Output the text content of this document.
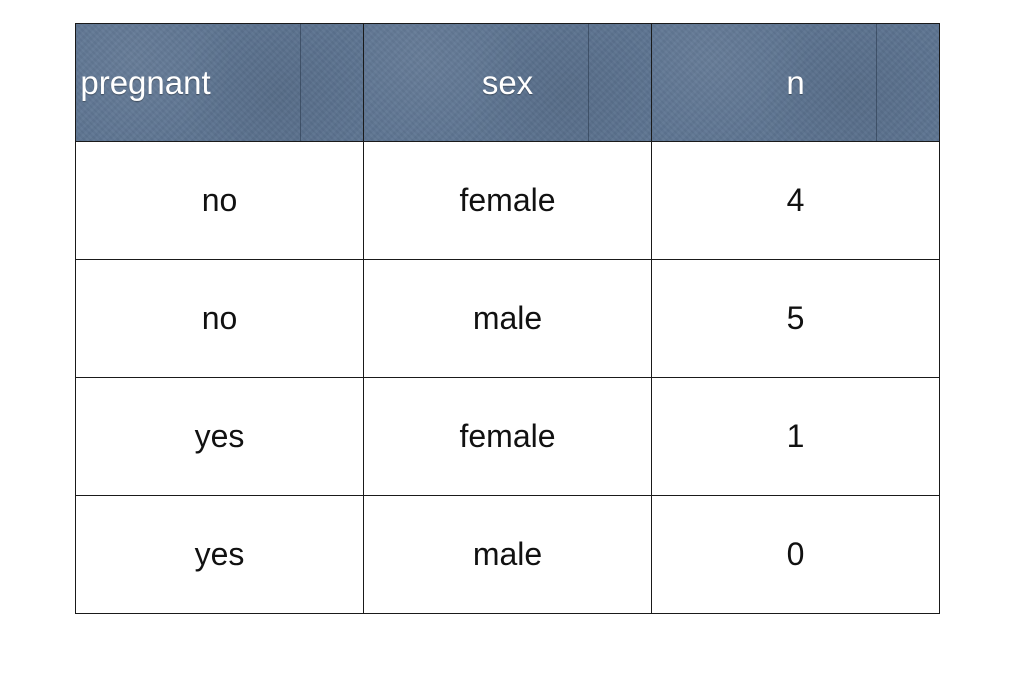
pregnant	sex	n
no	female	4
no	male	5
yes	female	1
yes	male	0
